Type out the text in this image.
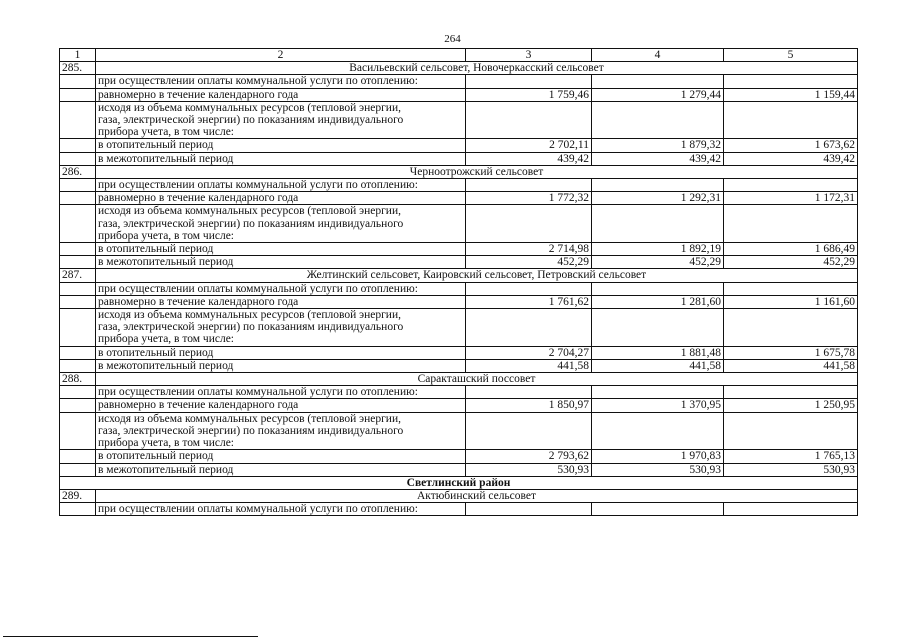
264
1	2	3	4	5
285.	Васильевский сельсовет, Новочеркасский сельсовет			
	при осуществлении оплаты коммунальной услуги по отоплению:			
	равномерно в течение календарного года	1 759,46	1 279,44	1 159,44
	исходя из объема коммунальных ресурсов (тепловой энергии,
газа, электрической энергии) по показаниям индивидуального
прибора учета, в том числе:			
	в отопительный период	2 702,11	1 879,32	1 673,62
	в межотопительный период	439,42	439,42	439,42
286.	Черноотрожский сельсовет			
	при осуществлении оплаты коммунальной услуги по отоплению:			
	равномерно в течение календарного года	1 772,32	1 292,31	1 172,31
	исходя из объема коммунальных ресурсов (тепловой энергии,
газа, электрической энергии) по показаниям индивидуального
прибора учета, в том числе:			
	в отопительный период	2 714,98	1 892,19	1 686,49
	в межотопительный период	452,29	452,29	452,29
287.	Желтинский сельсовет, Каировский сельсовет, Петровский сельсовет			
	при осуществлении оплаты коммунальной услуги по отоплению:			
	равномерно в течение календарного года	1 761,62	1 281,60	1 161,60
	исходя из объема коммунальных ресурсов (тепловой энергии,
газа, электрической энергии) по показаниям индивидуального
прибора учета, в том числе:			
	в отопительный период	2 704,27	1 881,48	1 675,78
	в межотопительный период	441,58	441,58	441,58
288.	Саракташский поссовет			
	при осуществлении оплаты коммунальной услуги по отоплению:			
	равномерно в течение календарного года	1 850,97	1 370,95	1 250,95
	исходя из объема коммунальных ресурсов (тепловой энергии,
газа, электрической энергии) по показаниям индивидуального
прибора учета, в том числе:			
	в отопительный период	2 793,62	1 970,83	1 765,13
	в межотопительный период	530,93	530,93	530,93
Светлинский район				
289.	Актюбинский сельсовет			
	при осуществлении оплаты коммунальной услуги по отоплению:			
